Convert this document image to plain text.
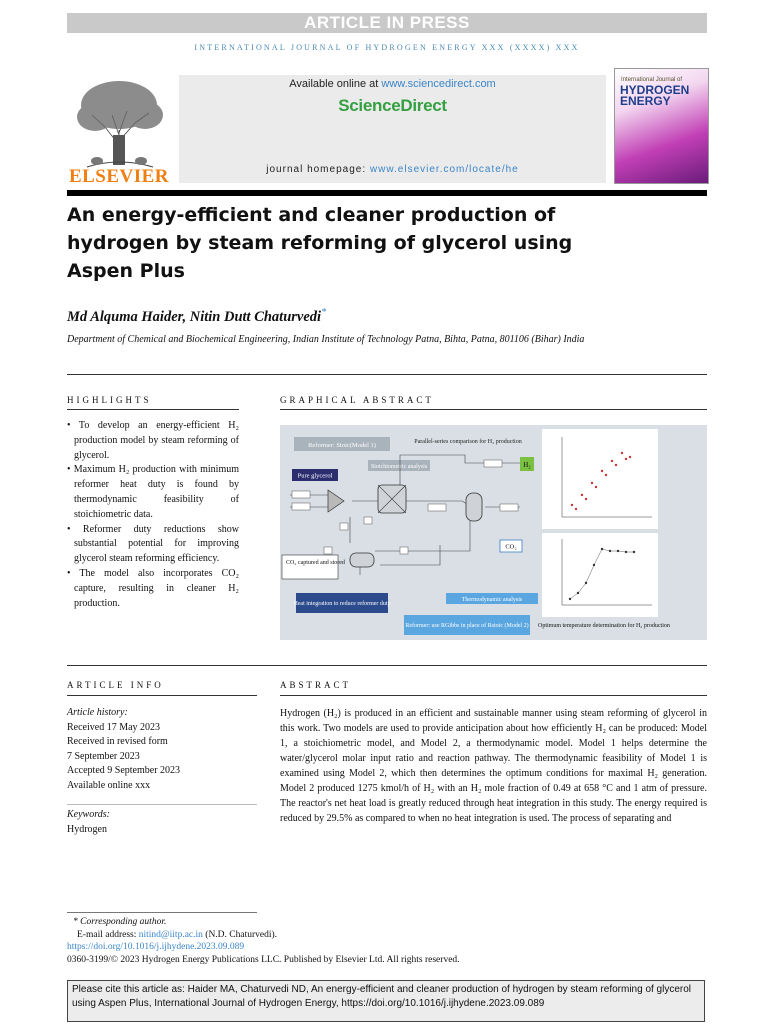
ARTICLE IN PRESS
INTERNATIONAL JOURNAL OF HYDROGEN ENERGY XXX (XXXX) XXX
ELSEVIER
Available online at www.sciencedirect.com
ScienceDirect
journal homepage: www.elsevier.com/locate/he
International Journal of
HYDROGEN
ENERGY
An energy-efficient and cleaner production of hydrogen by steam reforming of glycerol using Aspen Plus
Md Alquma Haider, Nitin Dutt Chaturvedi*
Department of Chemical and Biochemical Engineering, Indian Institute of Technology Patna, Bihta, Patna, 801106 (Bihar) India
HIGHLIGHTS
• To develop an energy-efficient H₂ production model by steam reforming of glycerol.
• Maximum H₂ production with minimum reformer heat duty is found by thermodynamic feasibility of stoichiometric data.
• Reformer duty reductions show substantial potential for improving glycerol steam reforming efficiency.
• The model also incorporates CO₂ capture, resulting in cleaner H₂ production.
GRAPHICAL ABSTRACT
Reformer: Stoic(Model 1)	Parallel-series comparison for H₂ production
Stoichiometric analysis
Pure glycerol
H₂
CO₂
CO₂ captured and stored
Heat integration to reduce reformer duty
Thermodynamic analysis
Reformer: use RGibbs in place of Rstoic (Model 2) Optimum temperature determination for H₂ production
ARTICLE INFO
Article history:
Received 17 May 2023
Received in revised form
7 September 2023
Accepted 9 September 2023
Available online xxx
Keywords:
Hydrogen
ABSTRACT
Hydrogen (H₂) is produced in an efficient and sustainable manner using steam reforming of glycerol in this work. Two models are used to provide anticipation about how efficiently H₂ can be produced: Model 1, a stoichiometric model, and Model 2, a thermodynamic model. Model 1 helps determine the water/glycerol molar input ratio and reaction pathway. The thermodynamic feasibility of Model 1 is examined using Model 2, which then determines the optimum conditions for maximal H₂ generation. Model 2 produced 1275 kmol/h of H₂ with an H₂ mole fraction of 0.49 at 658 °C and 1 atm of pressure. The reactor's net heat load is greatly reduced through heat integration in this study. The energy required is reduced by 29.5% as compared to when no heat integration is used. The process of separating and
* Corresponding author.
E-mail address: nitind@iitp.ac.in (N.D. Chaturvedi).
https://doi.org/10.1016/j.ijhydene.2023.09.089
0360-3199/© 2023 Hydrogen Energy Publications LLC. Published by Elsevier Ltd. All rights reserved.
Please cite this article as: Haider MA, Chaturvedi ND, An energy-efficient and cleaner production of hydrogen by steam reforming of glycerol using Aspen Plus, International Journal of Hydrogen Energy, https://doi.org/10.1016/j.ijhydene.2023.09.089
